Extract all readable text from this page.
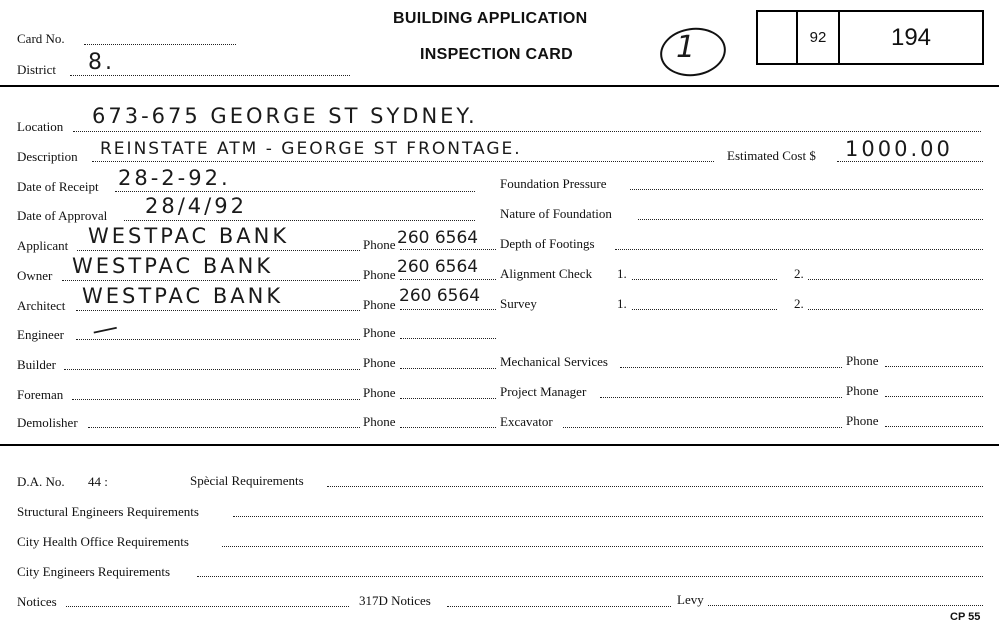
Card No.
District 8.
BUILDING APPLICATION
INSPECTION CARD	1	92	194
Location 673-675 GEORGE ST SYDNEY.
Description REINSTATE ATM - GEORGE ST FRONTAGE.	Estimated Cost $ 1000.00
Date of Receipt 28-2-92.	Foundation Pressure
Date of Approval 28/4/92	Nature of Foundation
Applicant WESTPAC BANK	Phone 260 6564 Depth of Footings
Owner WESTPAC BANK	Phone 260 6564 Alignment Check 1.	2.
Architect WESTPAC BANK	Phone 260 6564 Survey	1.	2.
Engineer —	Phone
Builder	Phone	Mechanical Services	Phone
Foreman	Phone	Project Manager	Phone
Demolisher	Phone	Excavator	Phone
D.A. No. 44 :	Spècial Requirements
Structural Engineers Requirements
City Health Office Requirements
City Engineers Requirements
Notices	317D Notices	Levy
CP 55
